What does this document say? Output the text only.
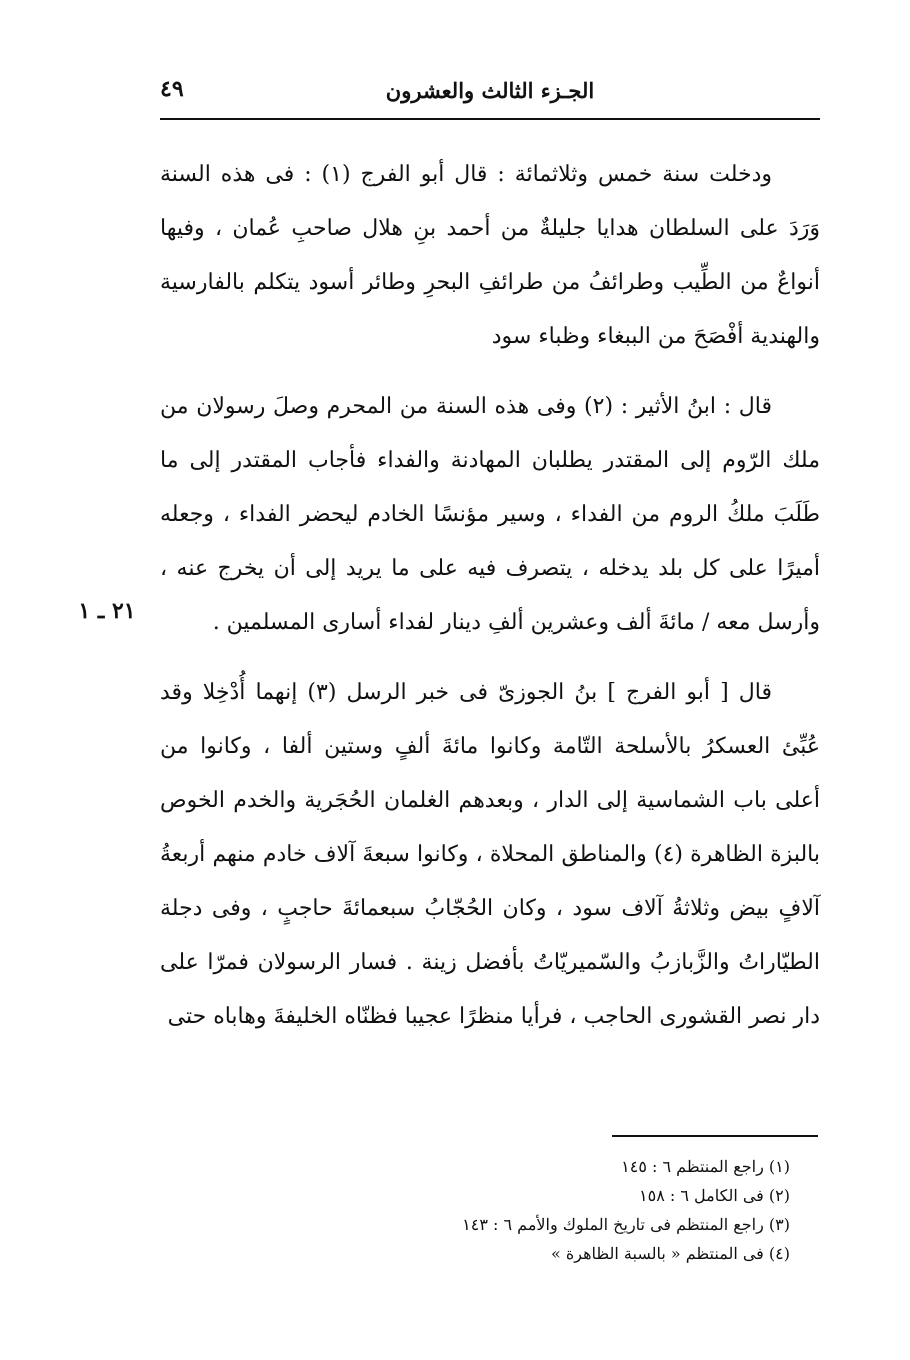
الجـزء الثالث والعشرون
٤٩

ودخلت سنة خمس وثلاثمائة : قال أبو الفرج (١) : فى هذه السنة وَرَدَ على السلطان هدايا جليلةٌ من أحمد بنِ هلال صاحبِ عُمان ، وفيها أنواعٌ من الطِّيب وطرائفُ من طرائفِ البحرِ وطائر أسود يتكلم بالفارسية والهندية أفْصَحَ من الببغاء وظباء سود

قال : ابنُ الأثير : (٢) وفى هذه السنة من المحرم وصلَ رسولان من ملك الرّوم إلى المقتدر يطلبان المهادنة والفداء فأجاب المقتدر إلى ما طَلَبَ ملكُ الروم من الفداء ، وسير مؤنسًا الخادم ليحضر الفداء ، وجعله أميرًا على كل بلد يدخله ، يتصرف فيه على ما يريد إلى أن يخرج عنه ، وأرسل معه / مائةَ ألف وعشرين ألفِ دينار لفداء أسارى المسلمين .

قال [ أبو الفرج ] بنُ الجوزىّ فى خبر الرسل (٣) إنهما أُدْخِلا وقد عُبِّئ العسكرُ بالأسلحة التّامة وكانوا مائةَ ألفٍ وستين ألفا ، وكانوا من أعلى باب الشماسية إلى الدار ، وبعدهم الغلمان الحُجَرية والخدم الخوص بالبزة الظاهرة (٤) والمناطق المحلاة ، وكانوا سبعةَ آلاف خادم منهم أربعةُ آلافٍ بيض وثلاثةُ آلاف سود ، وكان الحُجّابُ سبعمائةَ حاجبٍ ، وفى دجلة الطيّاراتُ والزَّبازبُ والسّميريّاتُ بأفضل زينة . فسار الرسولان فمرّا على دار نصر القشورى الحاجب ، فرأيا منظرًا عجيبا فظنّاه الخليفةَ وهاباه حتى

٢١ ـ ١
(١) راجع المنتظم ٦ : ١٤٥
(٢) فى الكامل ٦ : ١٥٨
(٣) راجع المنتظم فى تاريخ الملوك والأمم ٦ : ١٤٣
(٤) فى المنتظم « بالسبة الظاهرة »
